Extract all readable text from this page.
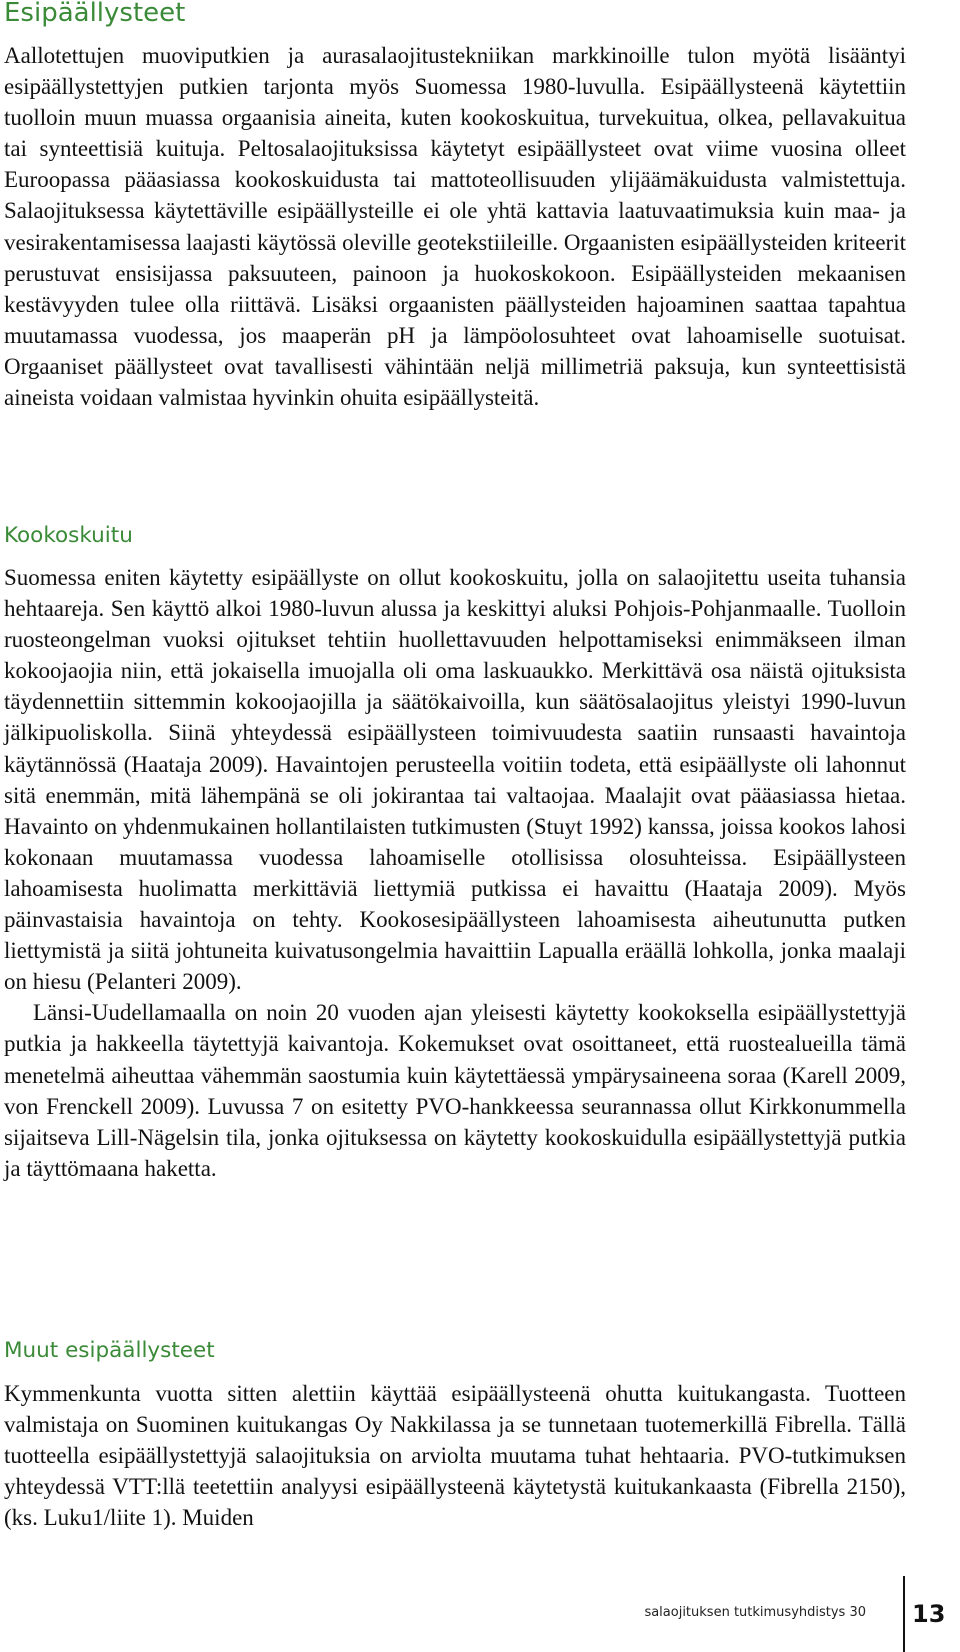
Esipäällysteet

Aallotettujen muoviputkien ja aurasalaojitustekniikan markkinoille tulon myötä lisääntyi esipäällystettyjen putkien tarjonta myös Suomessa 1980-luvulla. Esipäällysteenä käytettiin tuolloin muun muassa orgaanisia aineita, kuten kookoskuitua, turvekuitua, olkea, pellavakuitua tai synteettisiä kuituja. Peltosalaojituksissa käytetyt esipäällysteet ovat viime vuosina olleet Euroopassa pääasiassa kookoskuidusta tai mattoteollisuuden ylijäämäkuidusta valmistettuja. Salaojituksessa käytettäville esipäällysteille ei ole yhtä kattavia laatuvaatimuksia kuin maa- ja vesirakentamisessa laajasti käytössä oleville geotekstiileille. Orgaanisten esipäällysteiden kriteerit perustuvat ensisijassa paksuuteen, painoon ja huokoskokoon. Esipäällysteiden mekaanisen kestävyyden tulee olla riittävä. Lisäksi orgaanisten päällysteiden hajoaminen saattaa tapahtua muutamassa vuodessa, jos maaperän pH ja lämpöolosuhteet ovat lahoamiselle suotuisat. Orgaaniset päällysteet ovat tavallisesti vähintään neljä millimetriä paksuja, kun synteettisistä aineista voidaan valmistaa hyvinkin ohuita esipäällysteitä.

Kookoskuitu

Suomessa eniten käytetty esipäällyste on ollut kookoskuitu, jolla on salaojitettu useita tuhansia hehtaareja. Sen käyttö alkoi 1980-luvun alussa ja keskittyi aluksi Pohjois-Pohjanmaalle. Tuolloin ruosteongelman vuoksi ojitukset tehtiin huollettavuuden helpottamiseksi enimmäkseen ilman kokoojaojia niin, että jokaisella imuojalla oli oma laskuaukko. Merkittävä osa näistä ojituksista täydennettiin sittemmin kokoojaojilla ja säätökaivoilla, kun säätösalaojitus yleistyi 1990-luvun jälkipuoliskolla. Siinä yhteydessä esipäällysteen toimivuudesta saatiin runsaasti havaintoja käytännössä (Haataja 2009). Havaintojen perusteella voitiin todeta, että esipäällyste oli lahonnut sitä enemmän, mitä lähempänä se oli jokirantaa tai valtaojaa. Maalajit ovat pääasiassa hietaa. Havainto on yhdenmukainen hollantilaisten tutkimusten (Stuyt 1992) kanssa, joissa kookos lahosi kokonaan muutamassa vuodessa lahoamiselle otollisissa olosuhteissa. Esipäällysteen lahoamisesta huolimatta merkittäviä liettymiä putkissa ei havaittu (Haataja 2009). Myös päinvastaisia havaintoja on tehty. Kookosesipäällysteen lahoamisesta aiheutunutta putken liettymistä ja siitä johtuneita kuivatusongelmia havaittiin Lapualla eräällä lohkolla, jonka maalaji on hiesu (Pelanteri 2009).

Länsi-Uudellamaalla on noin 20 vuoden ajan yleisesti käytetty kookoksella esipäällystettyjä putkia ja hakkeella täytettyjä kaivantoja. Kokemukset ovat osoittaneet, että ruostealueilla tämä menetelmä aiheuttaa vähemmän saostumia kuin käytettäessä ympärysaineena soraa (Karell 2009, von Frenckell 2009). Luvussa 7 on esitetty PVO-hankkeessa seurannassa ollut Kirkkonummella sijaitseva Lill-Nägelsin tila, jonka ojituksessa on käytetty kookoskuidulla esipäällystettyjä putkia ja täyttömaana haketta.

Muut esipäällysteet

Kymmenkunta vuotta sitten alettiin käyttää esipäällysteenä ohutta kuitukangasta. Tuotteen valmistaja on Suominen kuitukangas Oy Nakkilassa ja se tunnetaan tuotemerkillä Fibrella. Tällä tuotteella esipäällystettyjä salaojituksia on arviolta muutama tuhat hehtaaria. PVO-tutkimuksen yhteydessä VTT:llä teetettiin analyysi esipäällysteenä käytetystä kuitukankaasta (Fibrella 2150), (ks. Luku1/liite 1). Muiden

salaojituksen tutkimusyhdistys 30 13
